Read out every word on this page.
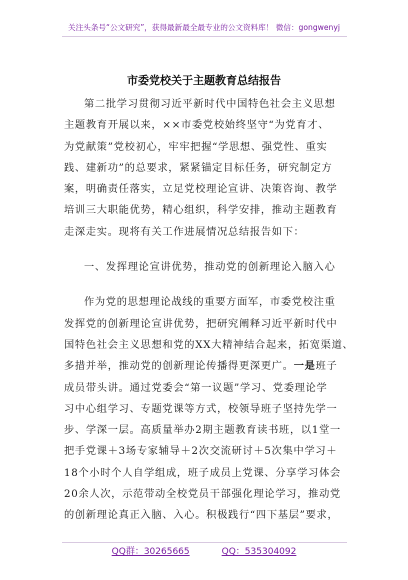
关注头条号“公文研究”，获得最新最全最专业的公文资料库！ 微信：gongwenyj
市委党校关于主题教育总结报告
第二批学习贯彻习近平新时代中国特色社会主义思想
主题教育开展以来，××市委党校始终坚守“为党育才、
为党献策”党校初心，牢牢把握“学思想、强党性、重实
践、建新功”的总要求，紧紧锚定目标任务，研究制定方
案，明确责任落实，立足党校理论宣讲、决策咨询、教学
培训三大职能优势，精心组织，科学安排，推动主题教育
走深走实。现将有关工作进展情况总结报告如下：
一、发挥理论宣讲优势，推动党的创新理论入脑入心
作为党的思想理论战线的重要方面军，市委党校注重
发挥党的创新理论宣讲优势，把研究阐释习近平新时代中
国特色社会主义思想和党的XX大精神结合起来，拓宽渠道、
多措并举，推动党的创新理论传播得更深更广。一是班子
成员带头讲。通过党委会“第一议题”学习、党委理论学
习中心组学习、专题党课等方式，校领导班子坚持先学一
步、学深一层。高质量举办2期主题教育读书班，以1堂一
把手党课＋3场专家辅导＋2次交流研讨＋5次集中学习＋
18个小时个人自学组成，班子成员上党课、分享学习体会
20余人次，示范带动全校党员干部强化理论学习，推动党
的创新理论真正入脑、入心。积极践行“四下基层”要求，
QQ群：30265665	QQ：535304092
